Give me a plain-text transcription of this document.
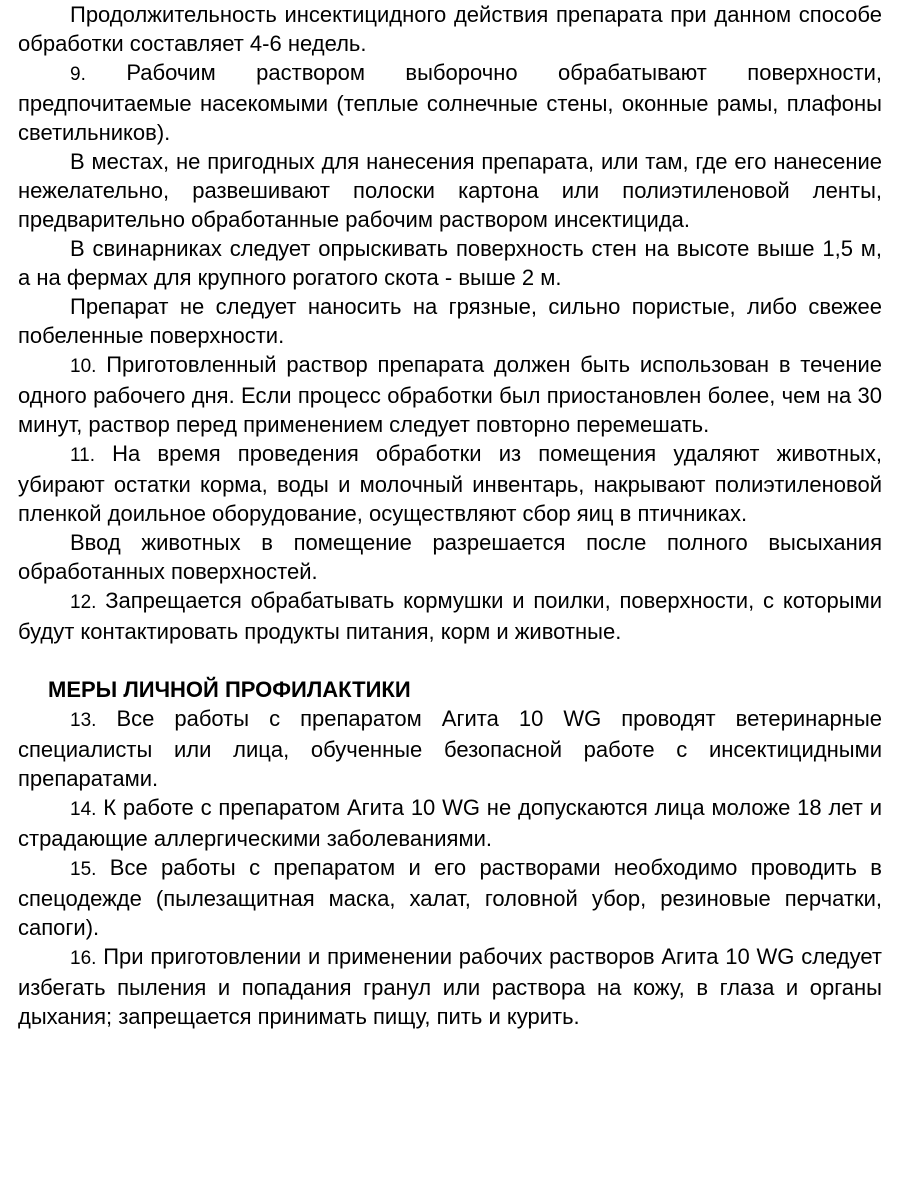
Продолжительность инсектицидного действия препарата при данном способе обработки составляет 4-6 недель.

9. Рабочим раствором выборочно обрабатывают поверхности, предпочитаемые насекомыми (теплые солнечные стены, оконные рамы, плафоны светильников).

В местах, не пригодных для нанесения препарата, или там, где его нанесение нежелательно, развешивают полоски картона или полиэтиленовой ленты, предварительно обработанные рабочим раствором инсектицида.

В свинарниках следует опрыскивать поверхность стен на высоте выше 1,5 м, а на фермах для крупного рогатого скота - выше 2 м.

Препарат не следует наносить на грязные, сильно пористые, либо свежее побеленные поверхности.

10. Приготовленный раствор препарата должен быть использован в течение одного рабочего дня. Если процесс обработки был приостановлен более, чем на 30 минут, раствор перед применением следует повторно перемешать.

11. На время проведения обработки из помещения удаляют животных, убирают остатки корма, воды и молочный инвентарь, накрывают полиэтиленовой пленкой доильное оборудование, осуществляют сбор яиц в птичниках.

Ввод животных в помещение разрешается после полного высыхания обработанных поверхностей.

12. Запрещается обрабатывать кормушки и поилки, поверхности, с которыми будут контактировать продукты питания, корм и животные.

МЕРЫ ЛИЧНОЙ ПРОФИЛАКТИКИ

13. Все работы с препаратом Агита 10 WG проводят ветеринарные специалисты или лица, обученные безопасной работе с инсектицидными препаратами.

14. К работе с препаратом Агита 10 WG не допускаются лица моложе 18 лет и страдающие аллергическими заболеваниями.

15. Все работы с препаратом и его растворами необходимо проводить в спецодежде (пылезащитная маска, халат, головной убор, резиновые перчатки, сапоги).

16. При приготовлении и применении рабочих растворов Агита 10 WG следует избегать пыления и попадания гранул или раствора на кожу, в глаза и органы дыхания; запрещается принимать пищу, пить и курить.
